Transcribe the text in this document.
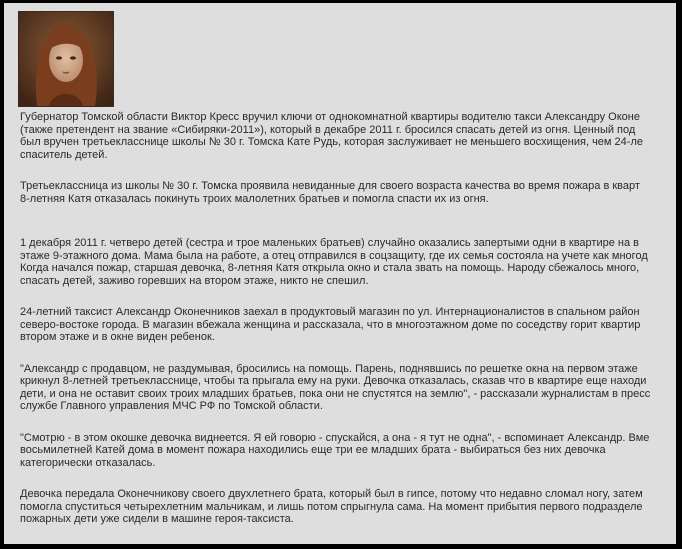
Губернатор Томской области Виктор Кресс вручил ключи от однокомнатной квартиры водителю такси Александру Оконе
(также претендент на звание «Сибиряки-2011»), который в декабре 2011 г. бросился спасать детей из огня. Ценный под
был вручен третьекласснице школы № 30 г. Томска Кате Рудь, которая заслуживает не меньшего восхищения, чем 24-ле
спаситель детей.

Третьеклассница из школы № 30 г. Томска проявила невиданные для своего возраста качества во время пожара в кварт
8-летняя Катя отказалась покинуть троих малолетних братьев и помогла спасти их из огня.

1 декабря 2011 г. четверо детей (сестра и трое маленьких братьев) случайно оказались запертыми одни в квартире на в
этаже 9-этажного дома. Мама была на работе, а отец отправился в соцзащиту, где их семья состояла на учете как многод
Когда начался пожар, старшая девочка, 8-летняя Катя открыла окно и стала звать на помощь. Народу сбежалось много,
спасать детей, заживо горевших на втором этаже, никто не спешил.

24-летний таксист Александр Оконечников заехал в продуктовый магазин по ул. Интернационалистов в спальном район
северо-востоке города. В магазин вбежала женщина и рассказала, что в многоэтажном доме по соседству горит квартир
втором этаже и в окне виден ребенок.

"Александр с продавцом, не раздумывая, бросились на помощь. Парень, поднявшись по решетке окна на первом этаже
крикнул 8-летней третьекласснице, чтобы та прыгала ему на руки. Девочка отказалась, сказав что в квартире еще находи
дети, и она не оставит своих троих младших братьев, пока они не спустятся на землю", - рассказали журналистам в пресс
службе Главного управления МЧС РФ по Томской области.

"Смотрю - в этом окошке девочка виднеется. Я ей говорю - спускайся, а она - я тут не одна", - вспоминает Александр. Вме
восьмилетней Катей дома в момент пожара находились еще три ее младших брата - выбираться без них девочка
категорически отказалась.

Девочка передала Оконечникову своего двухлетнего брата, который был в гипсе, потому что недавно сломал ногу, затем
помогла спуститься четырехлетним мальчикам, и лишь потом спрыгнула сама. На момент прибытия первого подразделе
пожарных дети уже сидели в машине героя-таксиста.
